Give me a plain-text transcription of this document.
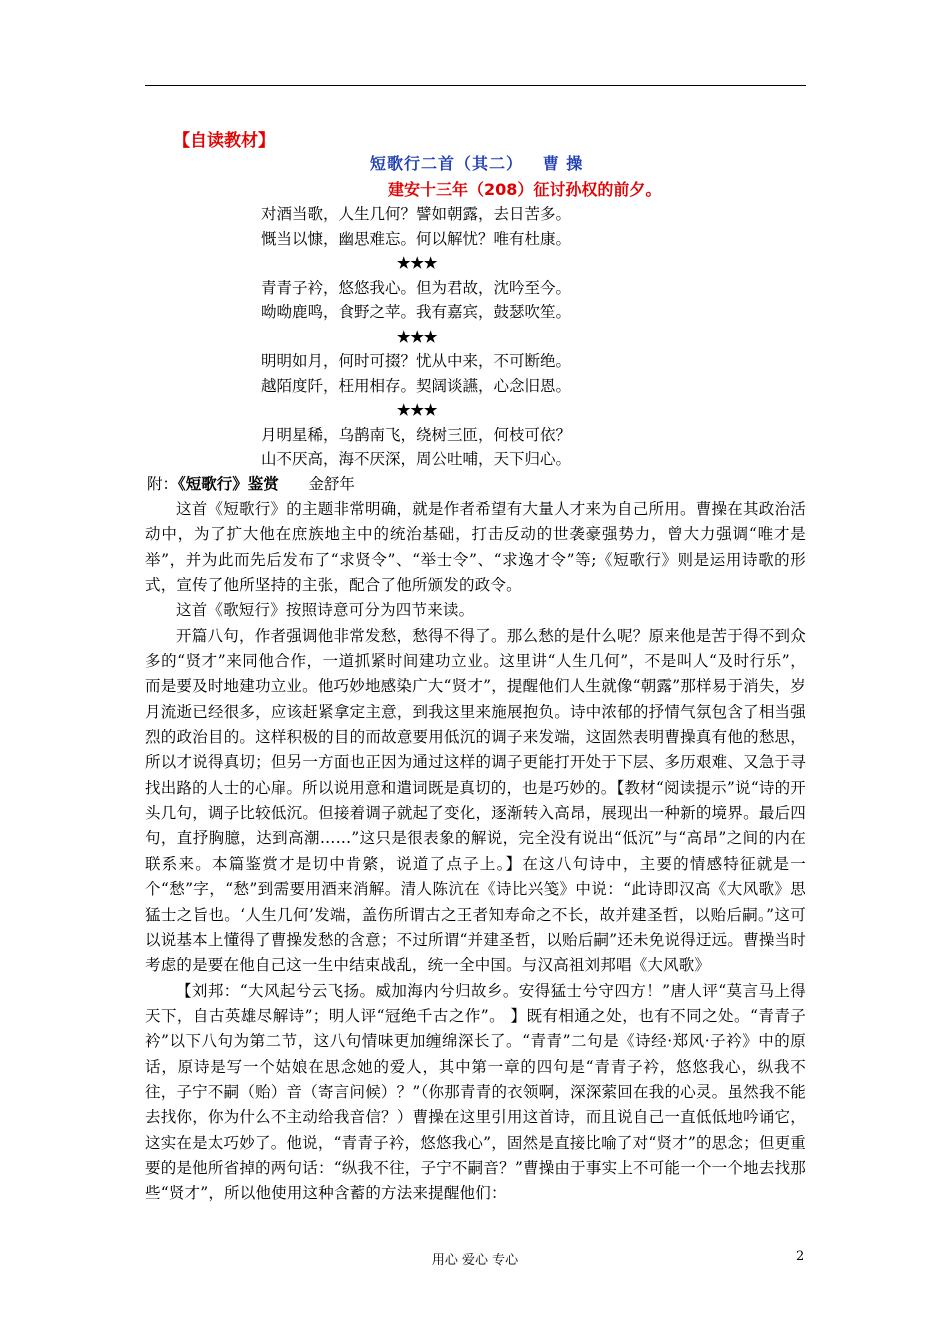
【自读教材】
短歌行二首（其二）   曹 操
建安十三年（208）征讨孙权的前夕。
对酒当歌，人生几何？譬如朝露，去日苦多。
慨当以慷，幽思难忘。何以解忧？唯有杜康。
★★★
青青子衿，悠悠我心。但为君故，沈吟至今。
呦呦鹿鸣，食野之苹。我有嘉宾，鼓瑟吹笙。
★★★
明明如月，何时可掇？忧从中来，不可断绝。
越陌度阡，枉用相存。契阔谈讌，心念旧恩。
★★★
月明星稀，乌鹊南飞，绕树三匝，何枝可依？
山不厌高，海不厌深，周公吐哺，天下归心。
附：《短歌行》鉴赏 金舒年

这首《短歌行》的主题非常明确，就是作者希望有大量人才来为自己所用。曹操在其政治活动中，为了扩大他在庶族地主中的统治基础，打击反动的世袭豪强势力，曾大力强调“唯才是举”，并为此而先后发布了“求贤令”、“举士令”、“求逸才令”等;《短歌行》则是运用诗歌的形式，宣传了他所坚持的主张，配合了他所颁发的政令。

这首《歌短行》按照诗意可分为四节来读。

开篇八句，作者强调他非常发愁，愁得不得了。那么愁的是什么呢？原来他是苦于得不到众多的“贤才”来同他合作，一道抓紧时间建功立业。这里讲“人生几何”，不是叫人“及时行乐”，而是要及时地建功立业。他巧妙地感染广大“贤才”，提醒他们人生就像“朝露”那样易于消失，岁月流逝已经很多，应该赶紧拿定主意，到我这里来施展抱负。诗中浓郁的抒情气氛包含了相当强烈的政治目的。这样积极的目的而故意要用低沉的调子来发端，这固然表明曹操真有他的愁思，所以才说得真切；但另一方面也正因为通过这样的调子更能打开处于下层、多历艰难、又急于寻找出路的人士的心扉。所以说用意和遣词既是真切的，也是巧妙的。【教材“阅读提示”说“诗的开头几句，调子比较低沉。但接着调子就起了变化，逐渐转入高昂，展现出一种新的境界。最后四句，直抒胸臆，达到高潮……”这只是很表象的解说，完全没有说出“低沉”与“高昂”之间的内在联系来。本篇鉴赏才是切中肯綮，说道了点子上。】在这八句诗中，主要的情感特征就是一个“愁”字，“愁”到需要用酒来消解。清人陈沆在《诗比兴笺》中说：“此诗即汉高《大风歌》思猛士之旨也。‘人生几何’发端，盖伤所谓古之王者知寿命之不长，故并建圣哲，以贻后嗣。”这可以说基本上懂得了曹操发愁的含意；不过所谓“并建圣哲，以贻后嗣”还未免说得迂远。曹操当时考虑的是要在他自己这一生中结束战乱，统一全中国。与汉高祖刘邦唱《大风歌》

【刘邦：“大风起兮云飞扬。威加海内兮归故乡。安得猛士兮守四方！”唐人评“莫言马上得天下，自古英雄尽解诗”；明人评“冠绝千古之作”。 】既有相通之处，也有不同之处。“青青子衿”以下八句为第二节，这八句情味更加缠绵深长了。“青青”二句是《诗经·郑风·子衿》中的原话，原诗是写一个姑娘在思念她的爱人，其中第一章的四句是“青青子衿，悠悠我心，纵我不往，子宁不嗣（贻）音（寄言问候）？”（你那青青的衣领啊，深深萦回在我的心灵。虽然我不能去找你，你为什么不主动给我音信？）曹操在这里引用这首诗，而且说自己一直低低地吟诵它，这实在是太巧妙了。他说，“青青子衿，悠悠我心”，固然是直接比喻了对“贤才”的思念；但更重要的是他所省掉的两句话：“纵我不往，子宁不嗣音？”曹操由于事实上不可能一个一个地去找那些“贤才”，所以他使用这种含蓄的方法来提醒他们：

用心 爱心 专心	2
